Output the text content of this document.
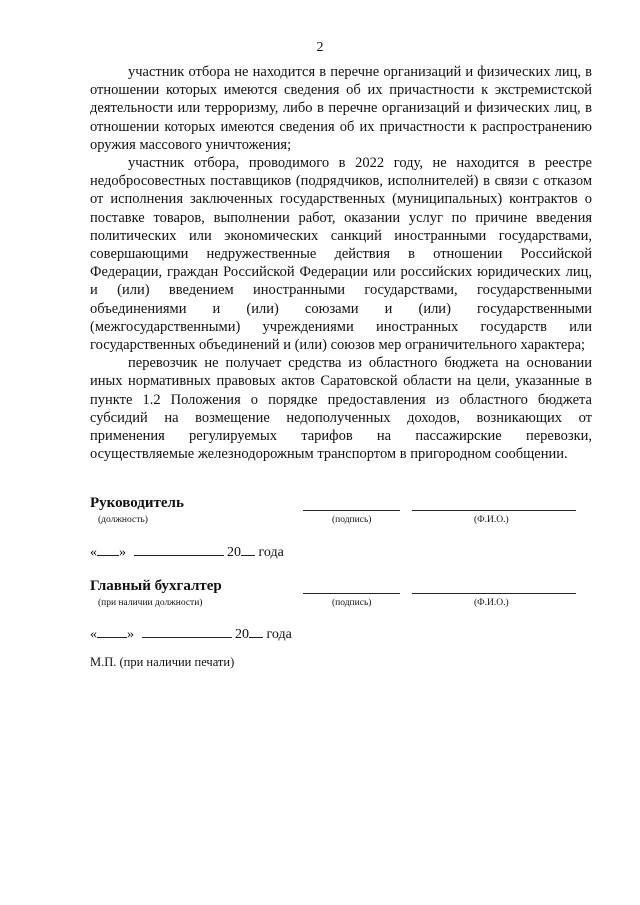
2

участник отбора не находится в перечне организаций и физических лиц, в отношении которых имеются сведения об их причастности к экстремистской деятельности или терроризму, либо в перечне организаций и физических лиц, в отношении которых имеются сведения об их причастности к распространению оружия массового уничтожения;

участник отбора, проводимого в 2022 году, не находится в реестре недобросовестных поставщиков (подрядчиков, исполнителей) в связи с отказом от исполнения заключенных государственных (муниципальных) контрактов о поставке товаров, выполнении работ, оказании услуг по причине введения политических или экономических санкций иностранными государствами, совершающими недружественные действия в отношении Российской Федерации, граждан Российской Федерации или российских юридических лиц, и (или) введением иностранными государствами, государственными объединениями и (или) союзами и (или) государственными (межгосударственными) учреждениями иностранных государств или государственных объединений и (или) союзов мер ограничительного характера;

перевозчик не получает средства из областного бюджета на основании иных нормативных правовых актов Саратовской области на цели, указанные в пункте 1.2 Положения о порядке предоставления из областного бюджета субсидий на возмещение недополученных доходов, возникающих от применения регулируемых тарифов на пассажирские перевозки, осуществляемые железнодорожным транспортом в пригородном сообщении.

Руководитель
(должность)	(подпись)	(Ф.И.О.)
« »	20 года
Главный бухгалтер
(при наличии должности)	(подпись)	(Ф.И.О.)
« »	20 года
М.П. (при наличии печати)
